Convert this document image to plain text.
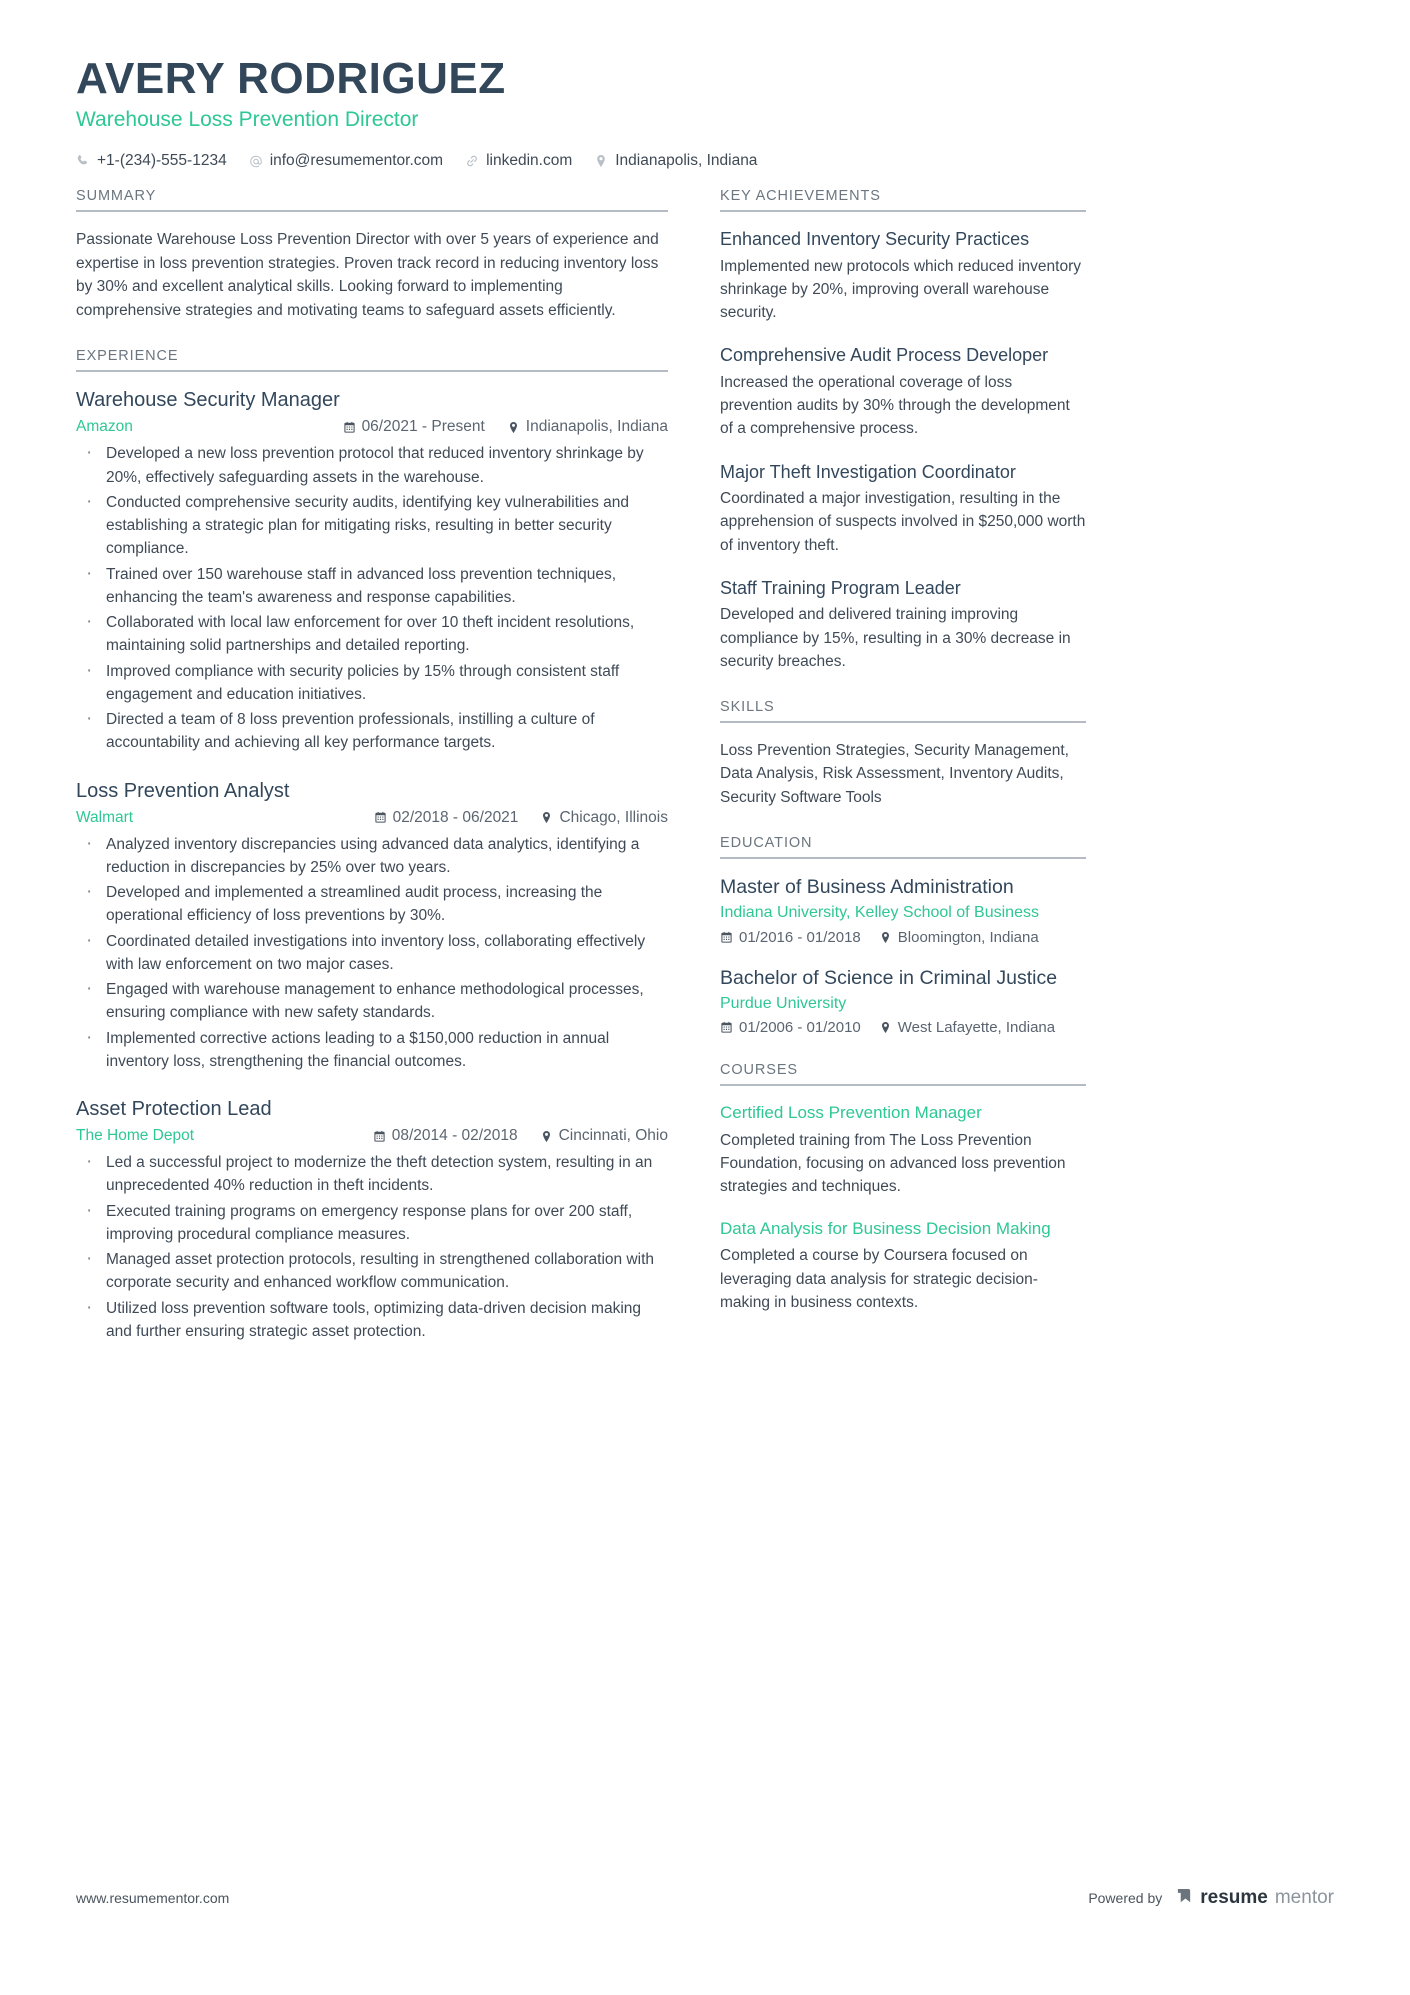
AVERY RODRIGUEZ
Warehouse Loss Prevention Director
+1-(234)-555-1234	info@resumementor.com	linkedin.com	Indianapolis, Indiana
SUMMARY
Passionate Warehouse Loss Prevention Director with over 5 years of experience and expertise in loss prevention strategies. Proven track record in reducing inventory loss by 30% and excellent analytical skills. Looking forward to implementing comprehensive strategies and motivating teams to safeguard assets efficiently.
EXPERIENCE
Warehouse Security Manager
Amazon	06/2021 - Present	Indianapolis, Indiana
· Developed a new loss prevention protocol that reduced inventory shrinkage by 20%, effectively safeguarding assets in the warehouse.
· Conducted comprehensive security audits, identifying key vulnerabilities and establishing a strategic plan for mitigating risks, resulting in better security compliance.
· Trained over 150 warehouse staff in advanced loss prevention techniques, enhancing the team's awareness and response capabilities.
· Collaborated with local law enforcement for over 10 theft incident resolutions, maintaining solid partnerships and detailed reporting.
· Improved compliance with security policies by 15% through consistent staff engagement and education initiatives.
· Directed a team of 8 loss prevention professionals, instilling a culture of accountability and achieving all key performance targets.
Loss Prevention Analyst
Walmart	02/2018 - 06/2021	Chicago, Illinois
· Analyzed inventory discrepancies using advanced data analytics, identifying a reduction in discrepancies by 25% over two years.
· Developed and implemented a streamlined audit process, increasing the operational efficiency of loss preventions by 30%.
· Coordinated detailed investigations into inventory loss, collaborating effectively with law enforcement on two major cases.
· Engaged with warehouse management to enhance methodological processes, ensuring compliance with new safety standards.
· Implemented corrective actions leading to a $150,000 reduction in annual inventory loss, strengthening the financial outcomes.
Asset Protection Lead
The Home Depot	08/2014 - 02/2018	Cincinnati, Ohio
· Led a successful project to modernize the theft detection system, resulting in an unprecedented 40% reduction in theft incidents.
· Executed training programs on emergency response plans for over 200 staff, improving procedural compliance measures.
· Managed asset protection protocols, resulting in strengthened collaboration with corporate security and enhanced workflow communication.
· Utilized loss prevention software tools, optimizing data-driven decision making and further ensuring strategic asset protection.
KEY ACHIEVEMENTS
Enhanced Inventory Security Practices
Implemented new protocols which reduced inventory shrinkage by 20%, improving overall warehouse security.
Comprehensive Audit Process Developer
Increased the operational coverage of loss prevention audits by 30% through the development of a comprehensive process.
Major Theft Investigation Coordinator
Coordinated a major investigation, resulting in the apprehension of suspects involved in $250,000 worth of inventory theft.
Staff Training Program Leader
Developed and delivered training improving compliance by 15%, resulting in a 30% decrease in security breaches.
SKILLS
Loss Prevention Strategies, Security Management, Data Analysis, Risk Assessment, Inventory Audits, Security Software Tools
EDUCATION
Master of Business Administration
Indiana University, Kelley School of Business
01/2016 - 01/2018 Bloomington, Indiana
Bachelor of Science in Criminal Justice
Purdue University
01/2006 - 01/2010 West Lafayette, Indiana
COURSES
Certified Loss Prevention Manager
Completed training from The Loss Prevention Foundation, focusing on advanced loss prevention strategies and techniques.
Data Analysis for Business Decision Making
Completed a course by Coursera focused on leveraging data analysis for strategic decision-making in business contexts.
www.resumementor.com	Powered by resume mentor
